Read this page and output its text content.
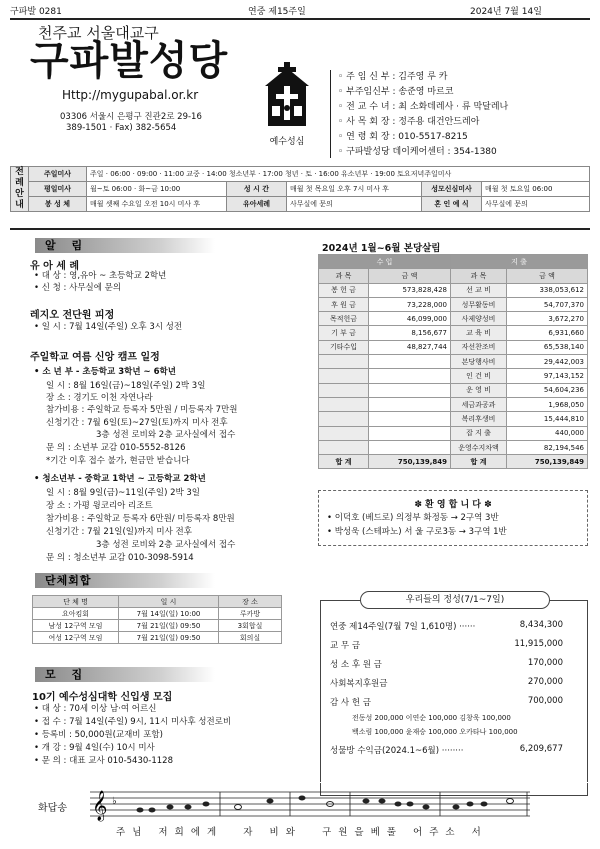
구파발 0281	연중 제15주일	2024년 7월 14일
천주교 서울대교구
구파발성당
Http://mygupabal.or.kr
03306 서울시 은평구 진관2로 29-16
389-1501 · Fax) 382-5654
예수성심
◦ 주 임 신 부 : 김주영 루 카
◦ 부주임신부 : 송준영 마르코
◦ 전 교 수 녀 : 최 소화데레사 · 류 막달레나
◦ 사 목 회 장 : 정주용 대건안드레아
◦ 연 령 회 장 : 010-5517-8215
◦ 구파발성당 데이케어센터 : 354-1380
전례안내	주일미사	주일 · 06:00 · 09:00 · 11:00 교중 · 14:00 청소년부 · 17:00 청년 · 토 · 16:00 유소년부 · 19:00 토요저녁주일미사				
	평일미사	월~토 06:00 · 화~금 10:00	성 시 간	매월 첫 목요일 오후 7시 미사 후	성모신심미사	매월 첫 토요일 06:00
	봉 성 체	매월 셋째 수요일 오전 10시 미사 후	유아세례	사무실에 문의	혼 인 예 식	사무실에 문의
알 림
유 아 세 례
• 대 상 : 영,유아 ~ 초등학교 2학년
• 신 청 : 사무실에 문의
레지오 전단원 피정
• 일 시 : 7월 14일(주일) 오후 3시 성전
주일학교 여름 신앙 캠프 일정
• 소 년 부 - 초등학교 3학년 ~ 6학년
일 시 : 8월 16일(금)~18일(주일) 2박 3일
장 소 : 경기도 이천 자연나라
참가비용 : 주일학교 등록자 5만원 / 미등록자 7만원
신청기간 : 7월 6일(토)~27일(토)까지 미사 전후
3층 성전 로비와 2층 교사실에서 접수
문 의 : 소년부 교감 010-5552-8126
*기간 이후 접수 불가, 현금만 받습니다
• 청소년부 - 중학교 1학년 ~ 고등학교 2학년
일 시 : 8월 9일(금)~11일(주일) 2박 3일
장 소 : 가평 윙코리아 리조트
참가비용 : 주일학교 등록자 6만원/ 미등록자 8만원
신청기간 : 7월 21일(일)까지 미사 전후
3층 성전 로비와 2층 교사실에서 접수
문 의 : 청소년부 교감 010-3098-5914
단체회합
단 체 명	일 시	장 소
요아킴회	7월 14일(일) 10:00	루카방
남성 12구역 모임	7월 21일(일) 09:50	3회합실
여성 12구역 모임	7월 21일(일) 09:50	회의실
모 집
10기 예수성심대학 신입생 모집
• 대 상 : 70세 이상 남·여 어르신
• 접 수 : 7월 14일(주일) 9시, 11시 미사후 성전로비
• 등록비 : 50,000원(교재비 포함)
• 개 강 : 9월 4일(수) 10시 미사
• 문 의 : 대표 교사 010-5430-1128
2024년 1월~6월 본당살림
수 입		지 출	
과 목	금 액	과 목	금 액
봉 헌 금	573,828,428	선 교 비	338,053,612
후 원 금	73,228,000	성무활동비	54,707,370
목적헌금	46,099,000	사제양성비	3,672,270
기 부 금	8,156,677	교 육 비	6,931,660
기타수입	48,827,744	자선찬조비	65,538,140
		본당행사비	29,442,003
		인 건 비	97,143,152
		운 영 비	54,604,236
		세금과공과	1,968,050
		복리후생비	15,444,810
		잡 지 출	440,000
		운영수지차액	82,194,546
합 계	750,139,849	합 계	750,139,849
✽ 환 영 합 니 다 ✽
• 이덕호 (베드로) 의정부 화정동 → 2구역 3반
• 박성욱 (스테파노) 서 울 구로3동 → 3구역 1반
우리들의 정성(7/1~7일)
연중 제14주일(7월 7일 1,610명) ······	8,434,300
교 무 금	11,915,000
성 소 후 원 금	170,000
사회복지후원금	270,000
감 사 헌 금	700,000
전동성 200,000 이연순 100,000 김창욱 100,000
백소림 100,000 윤재승 100,000 오카타나 100,000
성물방 수익금(2024.1~6월) ········	6,209,677
화답송 𝄞 ♭
주 님   저 희 에 게     자   비 와     구 원 을 베 풀   어 주 소   서
